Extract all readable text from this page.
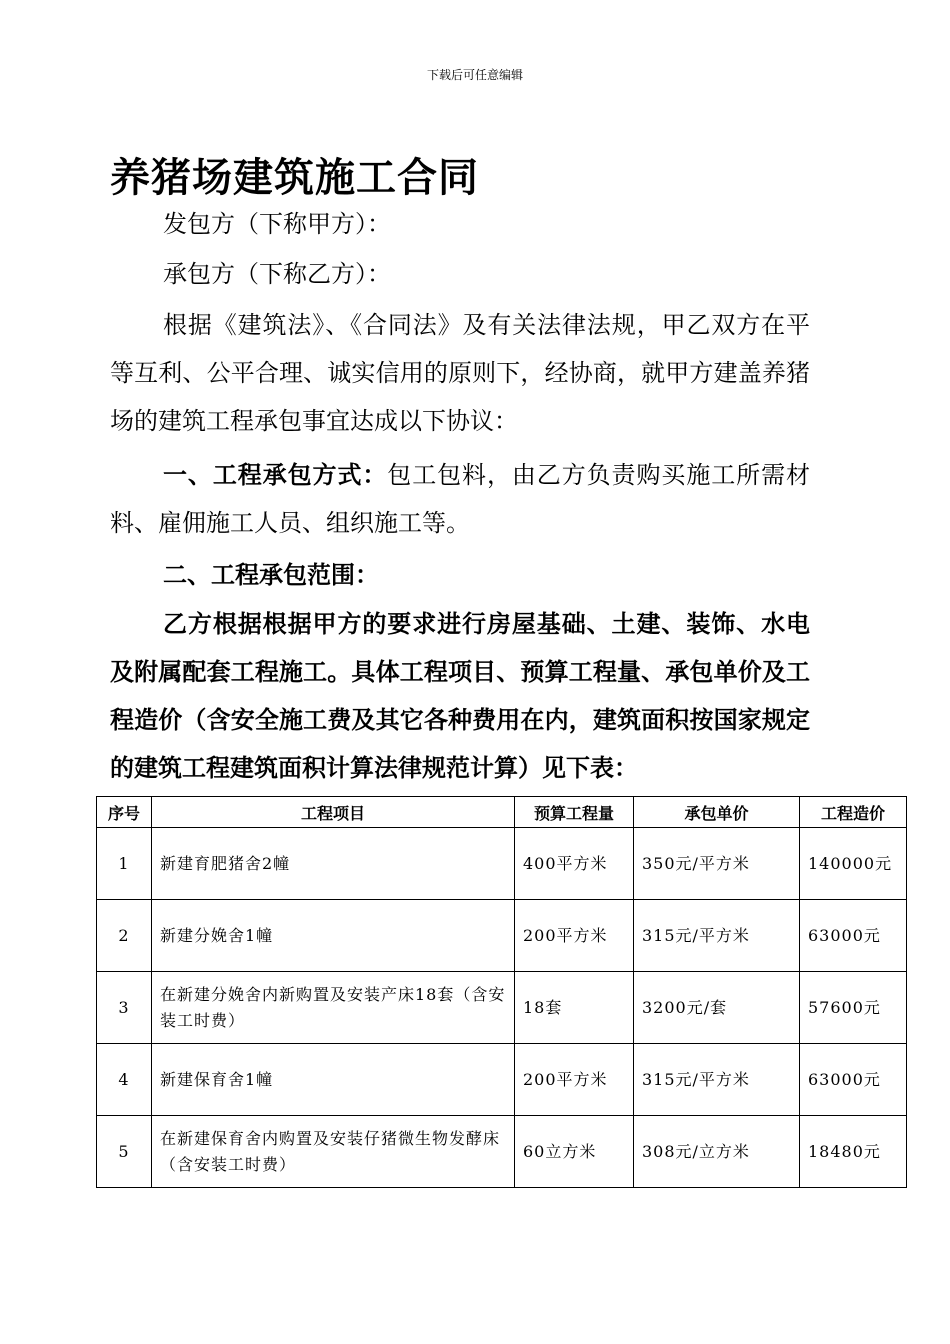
下载后可任意编辑
养猪场建筑施工合同
发包方（下称甲方）：
承包方（下称乙方）：
根据《建筑法》、《合同法》及有关法律法规，甲乙双方在平等互利、公平合理、诚实信用的原则下，经协商，就甲方建盖养猪场的建筑工程承包事宜达成以下协议：
一、工程承包方式：包工包料，由乙方负责购买施工所需材料、雇佣施工人员、组织施工等。
二、工程承包范围：
乙方根据根据甲方的要求进行房屋基础、土建、装饰、水电及附属配套工程施工。具体工程项目、预算工程量、承包单价及工程造价（含安全施工费及其它各种费用在内，建筑面积按国家规定的建筑工程建筑面积计算法律规范计算）见下表：
序号	工程项目	预算工程量	承包单价	工程造价
1	新建育肥猪舍2幢	400平方米	350元/平方米	140000元
2	新建分娩舍1幢	200平方米	315元/平方米	63000元
3	在新建分娩舍内新购置及安装产床18套（含安装工时费）	18套	3200元/套	57600元
4	新建保育舍1幢	200平方米	315元/平方米	63000元
5	在新建保育舍内购置及安装仔猪微生物发酵床（含安装工时费）	60立方米	308元/立方米	18480元
